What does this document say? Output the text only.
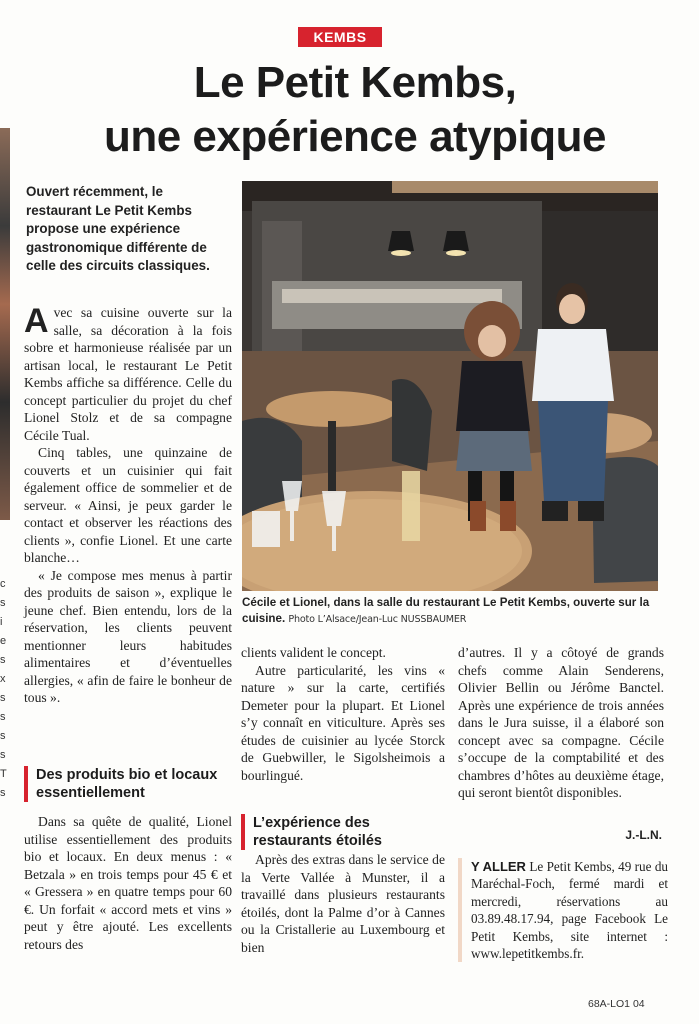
c
s
i
e
s
x
s
s
s
s
T
s
KEMBS
Le Petit Kembs,
une expérience atypique
Ouvert récemment, le restaurant Le Petit Kembs propose une expérience gastronomique différente de celle des circuits classiques.

Avec sa cuisine ouverte sur la salle, sa décoration à la fois sobre et harmonieuse réalisée par un artisan local, le restaurant Le Petit Kembs affiche sa différence. Celle du concept particulier du projet du chef Lionel Stolz et de sa compagne Cécile Tual.

Cinq tables, une quinzaine de couverts et un cuisinier qui fait également office de sommelier et de serveur. « Ainsi, je peux garder le contact et observer les réactions des clients », confie Lionel. Et une carte blanche…

« Je compose mes menus à partir des produits de saison », explique le jeune chef. Bien entendu, lors de la réservation, les clients peuvent mentionner leurs habitudes alimentaires et d’éventuelles allergies, « afin de faire le bonheur de tous ».

Des produits bio et locaux essentiellement

Dans sa quête de qualité, Lionel utilise essentiellement des produits bio et locaux. En deux menus : « Betzala » en trois temps pour 45 € et « Gressera » en quatre temps pour 60 €. Un forfait « accord mets et vins » peut y être ajouté. Les excellents retours des

Cécile et Lionel, dans la salle du restaurant Le Petit Kembs, ouverte sur la cuisine. Photo L’Alsace/Jean-Luc NUSSBAUMER

clients valident le concept.

Autre particularité, les vins « nature » sur la carte, certifiés Demeter pour la plupart. Et Lionel s’y connaît en viticulture. Après ses études de cuisinier au lycée Storck de Guebwiller, le Sigolsheimois a bourlingué.

L’expérience des restaurants étoilés

Après des extras dans le service de la Verte Vallée à Munster, il a travaillé dans plusieurs restaurants étoilés, dont la Palme d’or à Cannes ou la Cristallerie au Luxembourg et bien

d’autres. Il y a côtoyé de grands chefs comme Alain Senderens, Olivier Bellin ou Jérôme Banctel. Après une expérience de trois années dans le Jura suisse, il a élaboré son concept avec sa compagne. Cécile s’occupe de la comptabilité et des chambres d’hôtes au deuxième étage, qui seront bientôt disponibles.

J.-L.N.
Y ALLER Le Petit Kembs, 49 rue du Maréchal-Foch, fermé mardi et mercredi, réservations au 03.89.48.17.94, page Facebook Le Petit Kembs, site internet : www.lepetitkembs.fr.
68A-LO1 04
